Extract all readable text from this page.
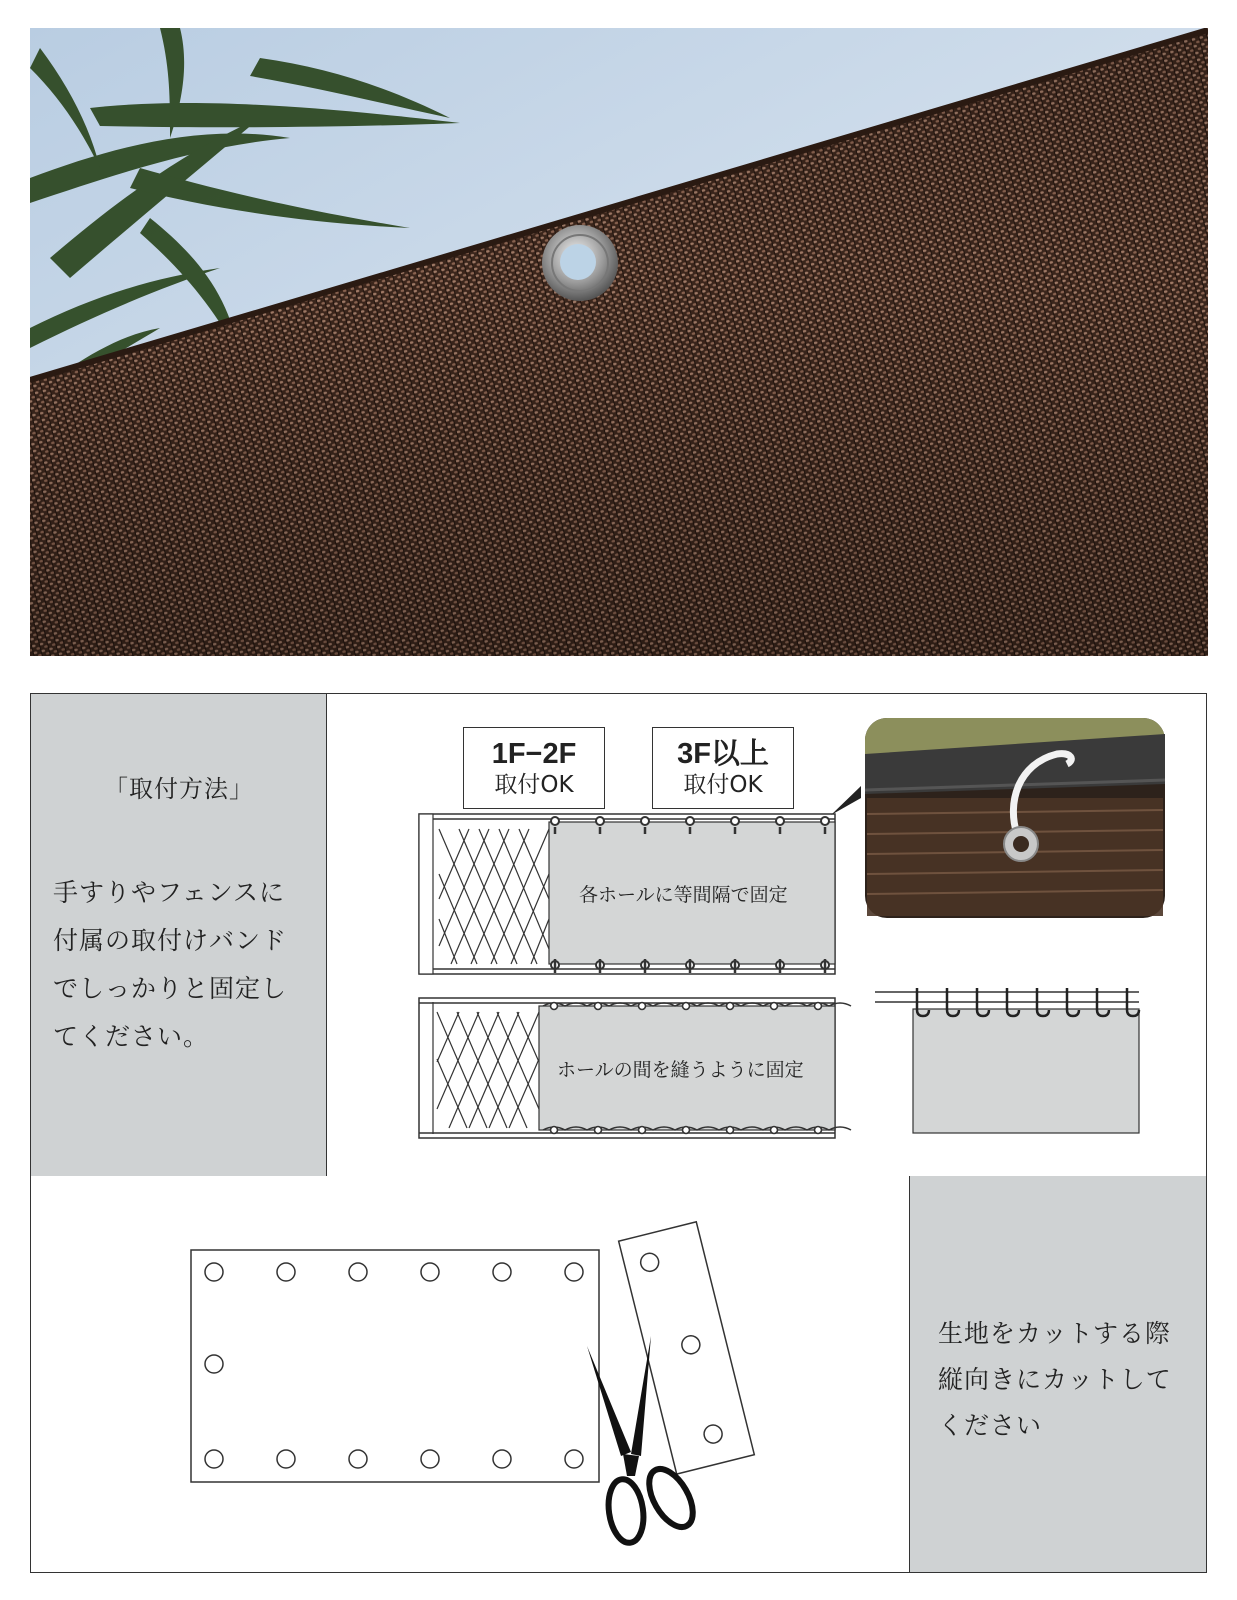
「取付方法」
手すりやフェンスに
付属の取付けバンド
でしっかりと固定し
てください。
1F−2F
取付OK
3F以上
取付OK
各ホールに等間隔で固定
ホールの間を縫うように固定
生地をカットする際
縦向きにカットして
ください
